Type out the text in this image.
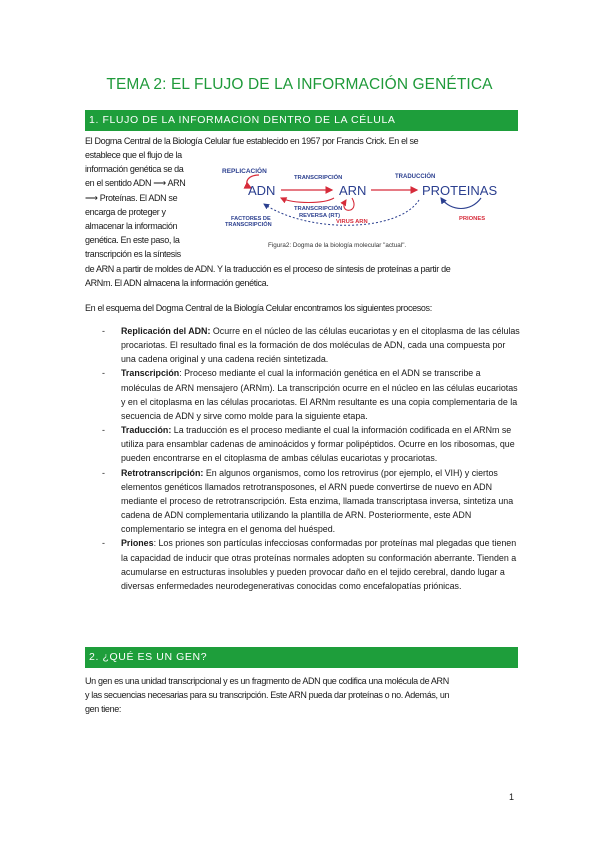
TEMA 2: EL FLUJO DE LA INFORMACIÓN GENÉTICA
1. FLUJO DE LA INFORMACION DENTRO DE LA CÉLULA
El Dogma Central de la Biología Celular fue establecido en 1957 por Francis Crick. En el se
establece que el flujo de la
información genética se da
en el sentido ADN ⟶ ARN
⟶ Proteínas. El ADN se
encarga de proteger y
almacenar la información
genética. En este paso, la
transcripción es la síntesis
REPLICACIÓN
ADN
TRANSCRIPCIÓN
ARN
TRADUCCIÓN
PROTEINAS
TRANSCRIPCIÓN
REVERSA (RT)
VIRUS ARN	PRIONES
FACTORES DE
TRANSCRIPCIÓN
Figura2: Dogma de la biología molecular "actual".
de ARN a partir de moldes de ADN. Y la traducción es el proceso de síntesis de proteínas a partir de
ARNm. El ADN almacena la información genética.
En el esquema del Dogma Central de la Biología Celular encontramos los siguientes procesos:
- Replicación del ADN: Ocurre en el núcleo de las células eucariotas y en el citoplasma de las células procariotas. El resultado final es la formación de dos moléculas de ADN, cada una compuesta por una cadena original y una cadena recién sintetizada.
- Transcripción: Proceso mediante el cual la información genética en el ADN se transcribe a moléculas de ARN mensajero (ARNm). La transcripción ocurre en el núcleo en las células eucariotas y en el citoplasma en las células procariotas. El ARNm resultante es una copia complementaria de la secuencia de ADN y sirve como molde para la siguiente etapa.
- Traducción: La traducción es el proceso mediante el cual la información codificada en el ARNm se utiliza para ensamblar cadenas de aminoácidos y formar polipéptidos. Ocurre en los ribosomas, que pueden encontrarse en el citoplasma de ambas células eucariotas y procariotas.
- Retrotranscripción: En algunos organismos, como los retrovirus (por ejemplo, el VIH) y ciertos elementos genéticos llamados retrotransposones, el ARN puede convertirse de nuevo en ADN mediante el proceso de retrotranscripción. Esta enzima, llamada transcriptasa inversa, sintetiza una cadena de ADN complementaria utilizando la plantilla de ARN. Posteriormente, este ADN complementario se integra en el genoma del huésped.
- Priones: Los priones son partículas infecciosas conformadas por proteínas mal plegadas que tienen la capacidad de inducir que otras proteínas normales adopten su conformación aberrante. Tienden a acumularse en estructuras insolubles y pueden provocar daño en el tejido cerebral, dando lugar a diversas enfermedades neurodegenerativas conocidas como encefalopatías priónicas.
2. ¿QUÉ ES UN GEN?
Un gen es una unidad transcripcional y es un fragmento de ADN que codifica una molécula de ARN
y las secuencias necesarias para su transcripción. Este ARN pueda dar proteínas o no. Además, un
gen tiene:
1
